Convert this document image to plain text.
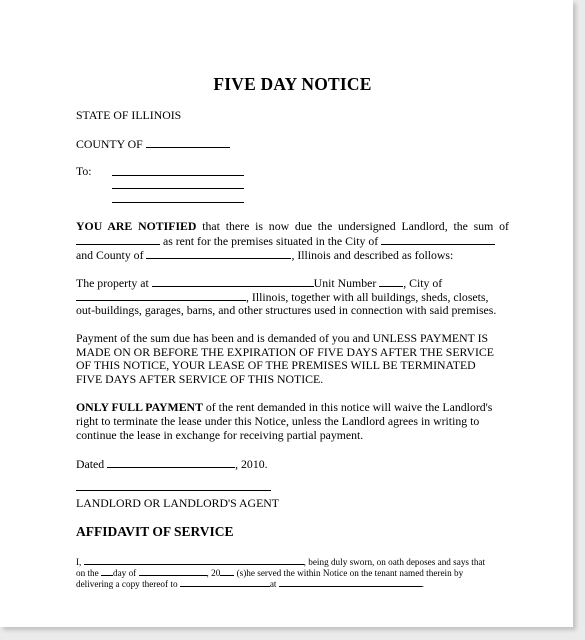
FIVE DAY NOTICE
STATE OF ILLINOIS
COUNTY OF
To:
YOU ARE NOTIFIED that there is now due the undersigned Landlord, the sum of
as rent for the premises situated in the City of
and County of	, Illinois and described as follows:
The property at	Unit Number , City of
, Illinois, together with all buildings, sheds, closets,
out-buildings, garages, barns, and other structures used in connection with said premises.
Payment of the sum due has been and is demanded of you and UNLESS PAYMENT IS
MADE ON OR BEFORE THE EXPIRATION OF FIVE DAYS AFTER THE SERVICE
OF THIS NOTICE, YOUR LEASE OF THE PREMISES WILL BE TERMINATED
FIVE DAYS AFTER SERVICE OF THIS NOTICE.
ONLY FULL PAYMENT of the rent demanded in this notice will waive the Landlord's
right to terminate the lease under this Notice, unless the Landlord agrees in writing to
continue the lease in exchange for receiving partial payment.
Dated	, 2010.
LANDLORD OR LANDLORD'S AGENT
AFFIDAVIT OF SERVICE
I,	, being duly sworn, on oath deposes and says that
on the day of	, 20 (s)he served the within Notice on the tenant named therein by
delivering a copy thereof to	at	.
